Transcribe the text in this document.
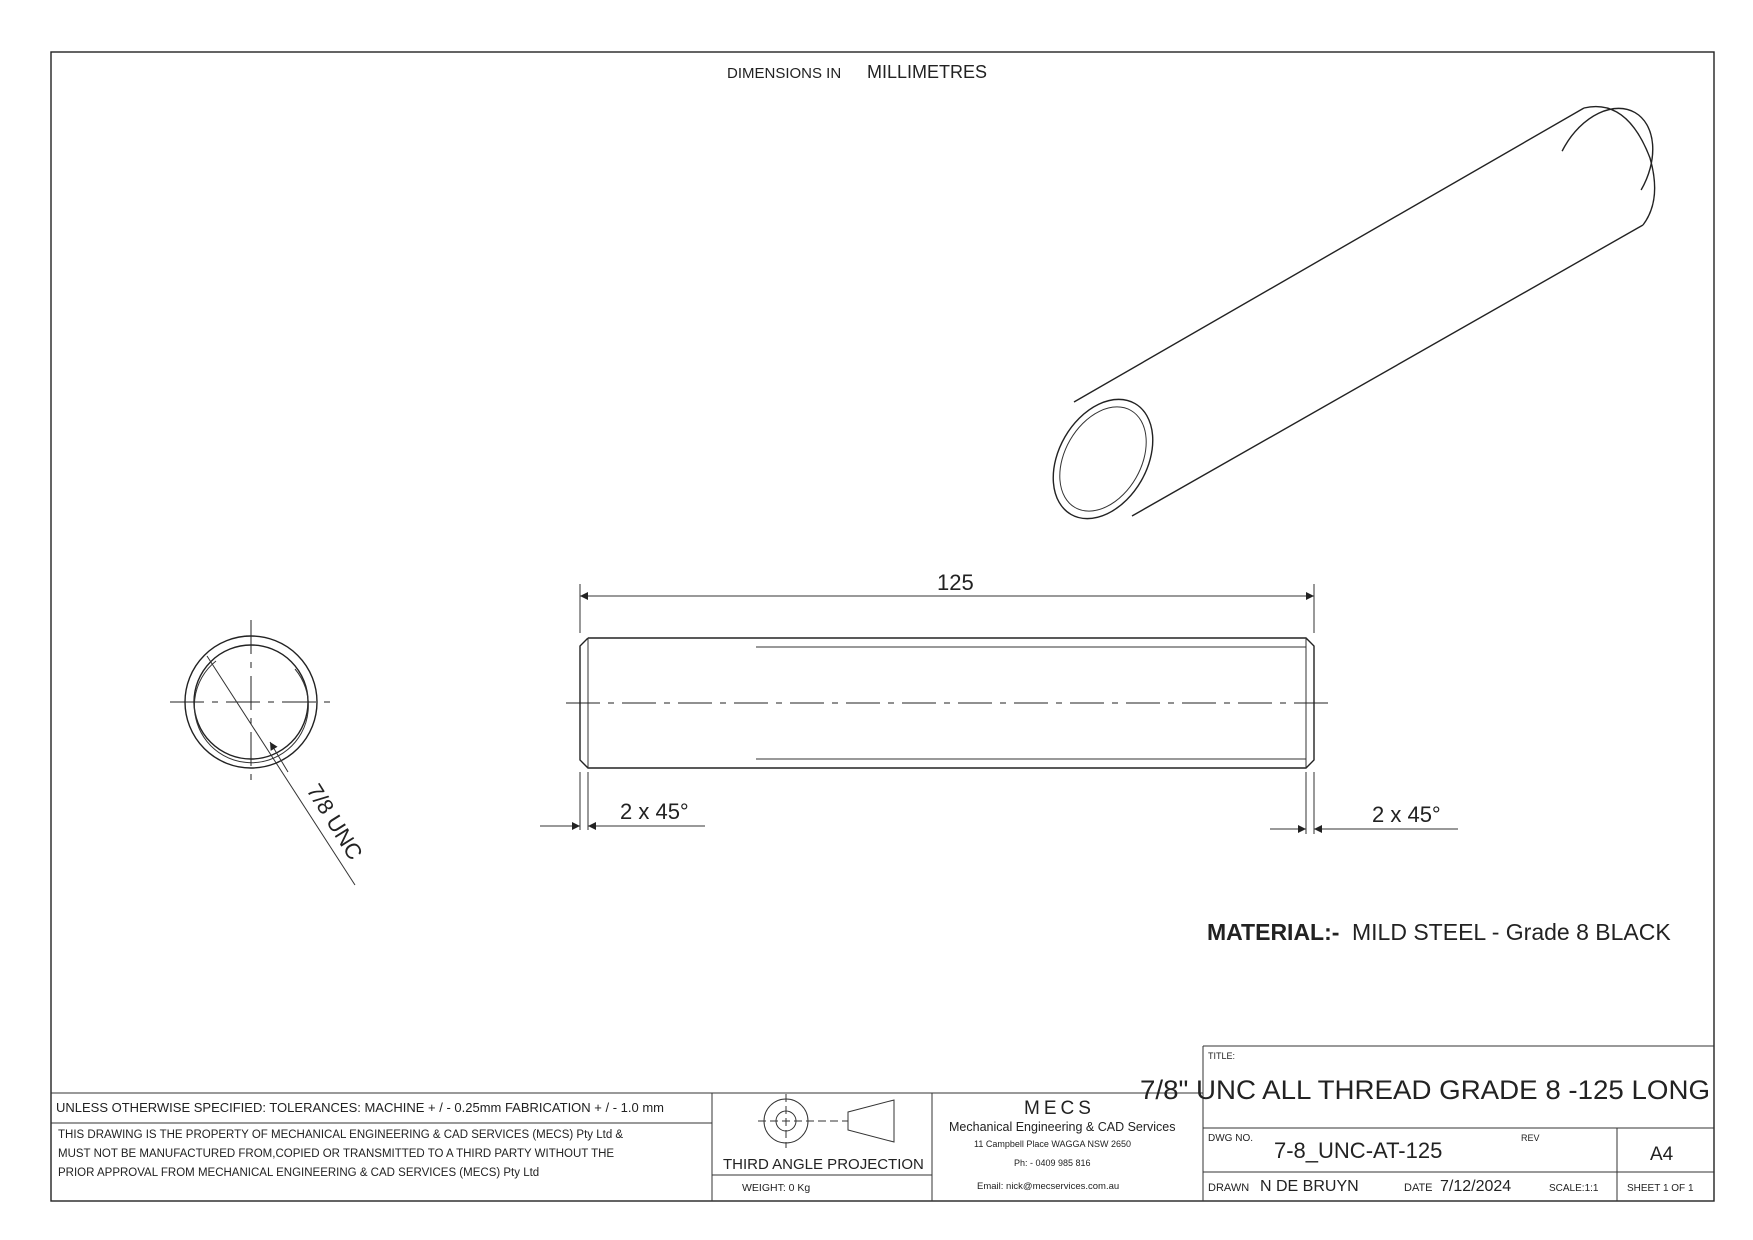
DIMENSIONS IN MILLIMETRES
7/8 UNC
125
2 x 45°	2 x 45°
MATERIAL:- MILD STEEL - Grade 8 BLACK
UNLESS OTHERWISE SPECIFIED: TOLERANCES: MACHINE + / - 0.25mm FABRICATION + / - 1.0 mm
THIS DRAWING IS THE PROPERTY OF MECHANICAL ENGINEERING & CAD SERVICES (MECS) Pty Ltd &
MUST NOT BE MANUFACTURED FROM,COPIED OR TRANSMITTED TO A THIRD PARTY WITHOUT THE
PRIOR APPROVAL FROM MECHANICAL ENGINEERING & CAD SERVICES (MECS) Pty Ltd	THIRD ANGLE PROJECTION
WEIGHT: 0 Kg
MECS
Mechanical Engineering & CAD Services
11 Campbell Place WAGGA NSW 2650
Ph: - 0409 985 816
Email: nick@mecservices.com.au
TITLE:
7/8" UNC ALL THREAD GRADE 8 -125 LONG
DWG NO. 7-8_UNC-AT-125	REV
A4
DRAWN N DE BRUYN	DATE 7/12/2024	SCALE:1:1	SHEET 1 OF 1
